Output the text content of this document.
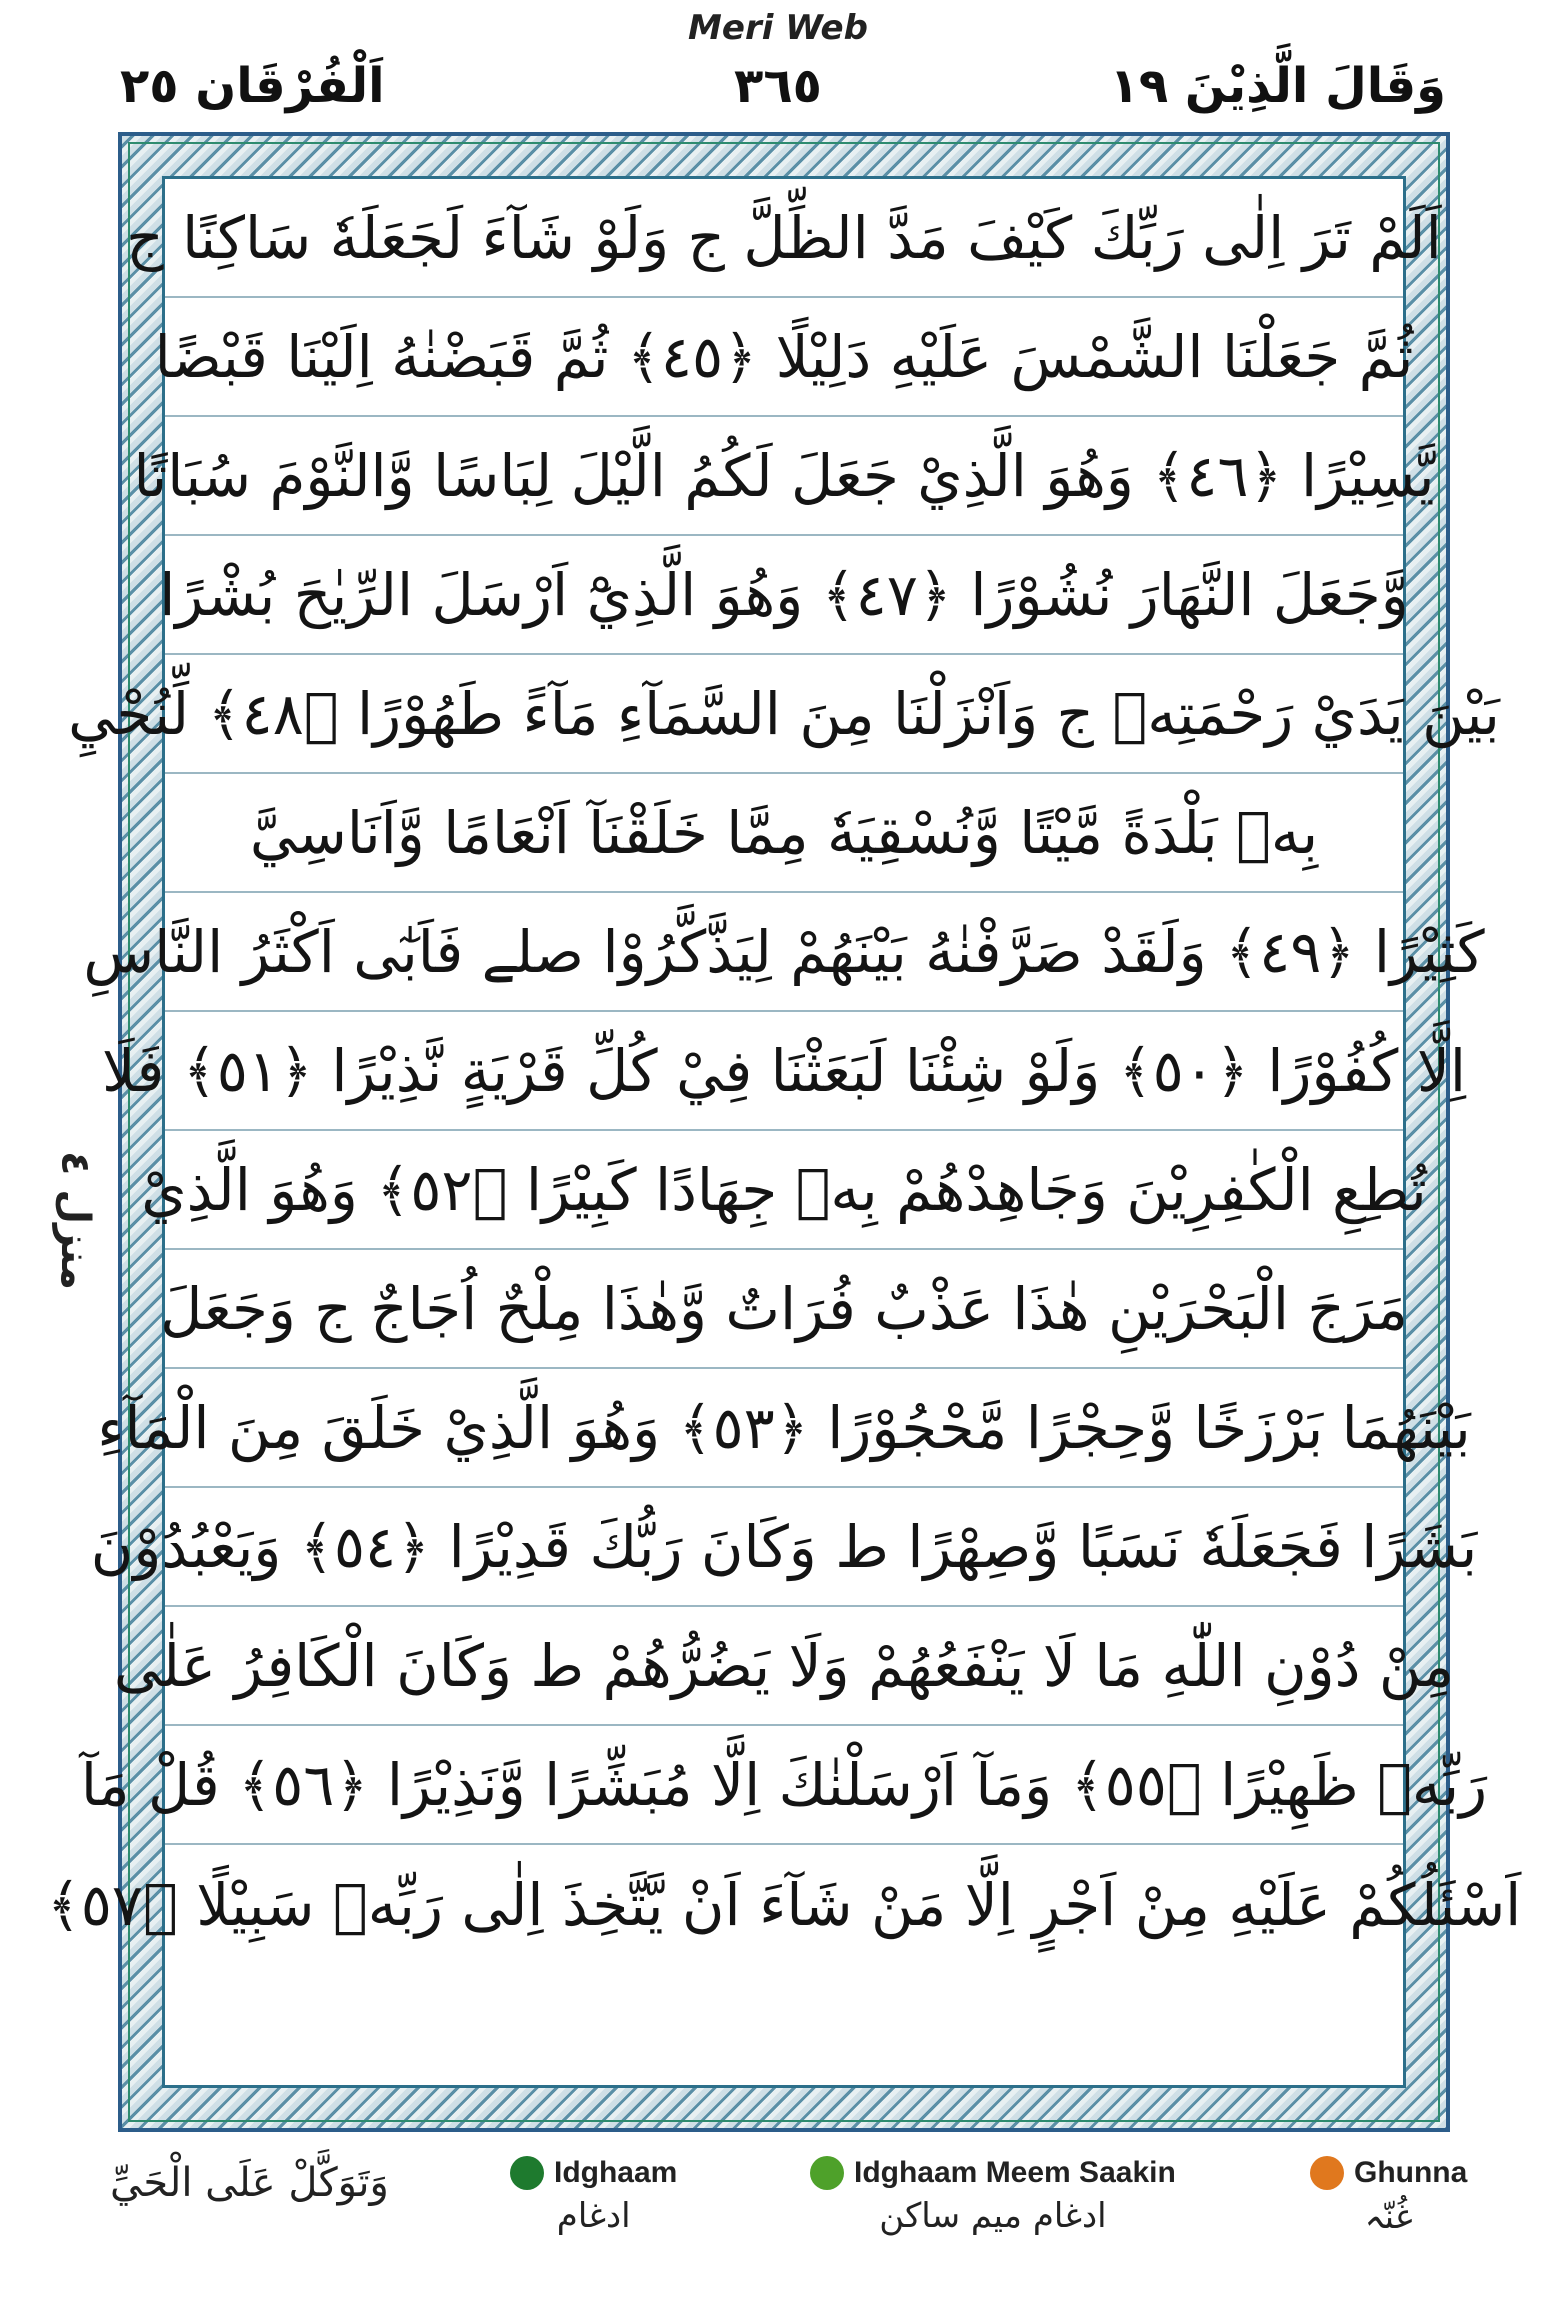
Meri Web
وَقَالَ الَّذِيْنَ ١٩
٣٦٥
اَلْفُرْقَان ٢٥
منزل ٤
اَلَمْ تَرَ اِلٰى رَبِّكَ كَيْفَ مَدَّ الظِّلَّ ج وَلَوْ شَآءَ لَجَعَلَهٗ سَاكِنًا ج
ثُمَّ جَعَلْنَا الشَّمْسَ عَلَيْهِ دَلِيْلًا ﴿٤٥﴾ ثُمَّ قَبَضْنٰهُ اِلَيْنَا قَبْضًا
يَّسِيْرًا ﴿٤٦﴾ وَهُوَ الَّذِيْ جَعَلَ لَكُمُ الَّيْلَ لِبَاسًا وَّالنَّوْمَ سُبَاتًا
وَّجَعَلَ النَّهَارَ نُشُوْرًا ﴿٤٧﴾ وَهُوَ الَّذِيْٓ اَرْسَلَ الرِّيٰحَ بُشْرًا
بَيْنَ يَدَيْ رَحْمَتِهٖ ج وَاَنْزَلْنَا مِنَ السَّمَآءِ مَآءً طَهُوْرًا ﴿٤٨﴾ لِّنُحْيِ
بِهٖ بَلْدَةً مَّيْتًا وَّنُسْقِيَهٗ مِمَّا خَلَقْنَآ اَنْعَامًا وَّاَنَاسِيَّ
كَثِيْرًا ﴿٤٩﴾ وَلَقَدْ صَرَّفْنٰهُ بَيْنَهُمْ لِيَذَّكَّرُوْا صلے فَاَبٰٓى اَكْثَرُ النَّاسِ
اِلَّا كُفُوْرًا ﴿٥٠﴾ وَلَوْ شِئْنَا لَبَعَثْنَا فِيْ كُلِّ قَرْيَةٍ نَّذِيْرًا ﴿٥١﴾ فَلَا
تُطِعِ الْكٰفِرِيْنَ وَجَاهِدْهُمْ بِهٖ جِهَادًا كَبِيْرًا ﴿٥٢﴾ وَهُوَ الَّذِيْ
مَرَجَ الْبَحْرَيْنِ هٰذَا عَذْبٌ فُرَاتٌ وَّهٰذَا مِلْحٌ اُجَاجٌ ج وَجَعَلَ
بَيْنَهُمَا بَرْزَخًا وَّحِجْرًا مَّحْجُوْرًا ﴿٥٣﴾ وَهُوَ الَّذِيْ خَلَقَ مِنَ الْمَآءِ
بَشَرًا فَجَعَلَهٗ نَسَبًا وَّصِهْرًا ط وَكَانَ رَبُّكَ قَدِيْرًا ﴿٥٤﴾ وَيَعْبُدُوْنَ
مِنْ دُوْنِ اللّٰهِ مَا لَا يَنْفَعُهُمْ وَلَا يَضُرُّهُمْ ط وَكَانَ الْكَافِرُ عَلٰى
رَبِّهٖ ظَهِيْرًا ﴿٥٥﴾ وَمَآ اَرْسَلْنٰكَ اِلَّا مُبَشِّرًا وَّنَذِيْرًا ﴿٥٦﴾ قُلْ مَآ
اَسْئَلُكُمْ عَلَيْهِ مِنْ اَجْرٍ اِلَّا مَنْ شَآءَ اَنْ يَّتَّخِذَ اِلٰى رَبِّهٖ سَبِيْلًا ﴿٥٧﴾
وَتَوَكَّلْ عَلَى الْحَيِّ	Idghaam
ادغام
Idghaam Meem Saakin
ادغام میم ساکن
Ghunna
غُنّہ
